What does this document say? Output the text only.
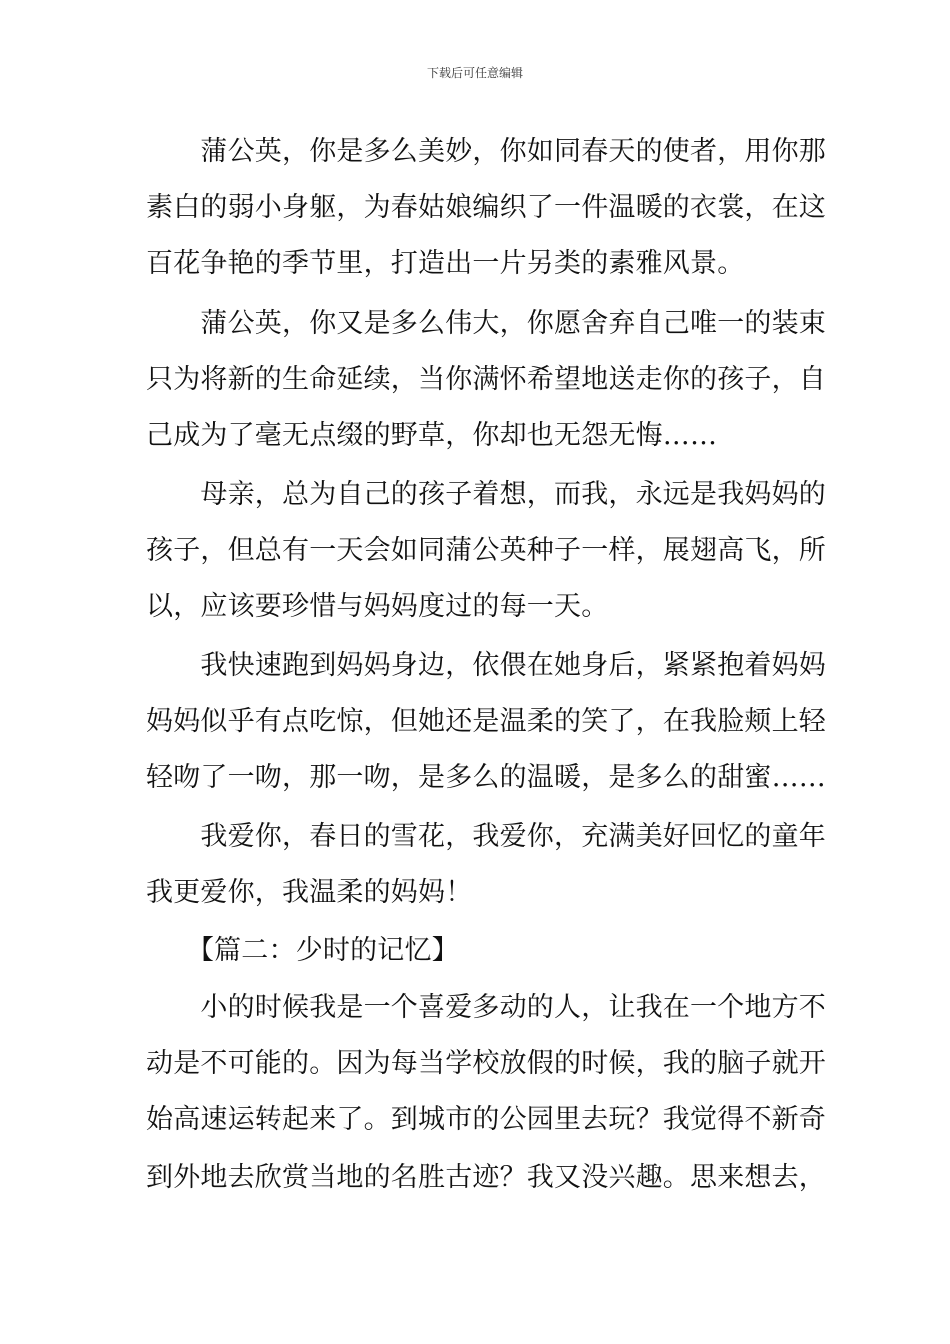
下载后可任意编辑
　　蒲公英，你是多么美妙，你如同春天的使者，用你那
素白的弱小身躯，为春姑娘编织了一件温暖的衣裳，在这
百花争艳的季节里，打造出一片另类的素雅风景。
　　蒲公英，你又是多么伟大，你愿舍弃自己唯一的装束
只为将新的生命延续，当你满怀希望地送走你的孩子，自
己成为了毫无点缀的野草，你却也无怨无悔……
　　母亲，总为自己的孩子着想，而我，永远是我妈妈的
孩子，但总有一天会如同蒲公英种子一样，展翅高飞，所
以，应该要珍惜与妈妈度过的每一天。
　　我快速跑到妈妈身边，依偎在她身后，紧紧抱着妈妈
妈妈似乎有点吃惊，但她还是温柔的笑了，在我脸颊上轻
轻吻了一吻，那一吻，是多么的温暖，是多么的甜蜜……
　　我爱你，春日的雪花，我爱你，充满美好回忆的童年
我更爱你，我温柔的妈妈！
　　【篇二：少时的记忆】
　　小的时候我是一个喜爱多动的人，让我在一个地方不
动是不可能的。因为每当学校放假的时候，我的脑子就开
始高速运转起来了。到城市的公园里去玩？我觉得不新奇
到外地去欣赏当地的名胜古迹？我又没兴趣。思来想去，
